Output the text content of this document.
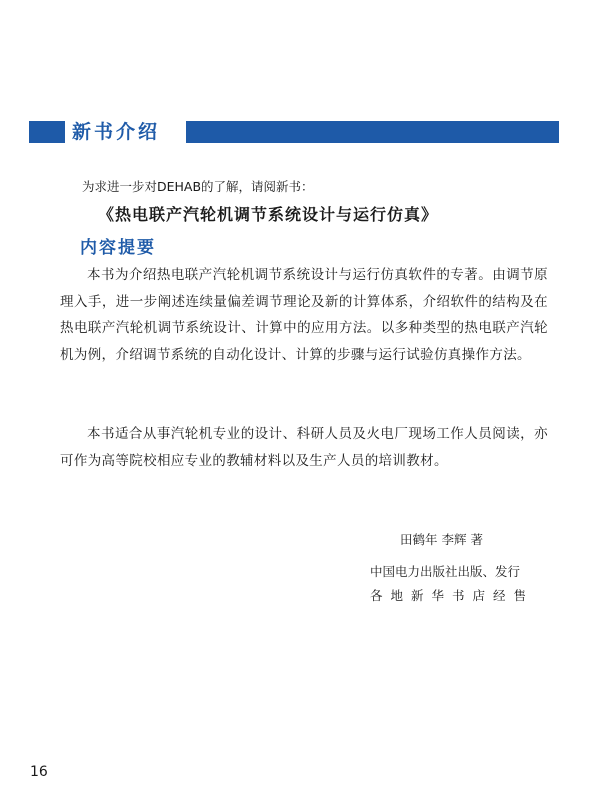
新书介绍
为求进一步对DEHAB的了解，请阅新书：
《热电联产汽轮机调节系统设计与运行仿真》
内容提要

本书为介绍热电联产汽轮机调节系统设计与运行仿真软件的专著。由调节原理入手，进一步阐述连续量偏差调节理论及新的计算体系，介绍软件的结构及在热电联产汽轮机调节系统设计、计算中的应用方法。以多种类型的热电联产汽轮机为例，介绍调节系统的自动化设计、计算的步骤与运行试验仿真操作方法。

本书适合从事汽轮机专业的设计、科研人员及火电厂现场工作人员阅读，亦可作为高等院校相应专业的教辅材料以及生产人员的培训教材。

田鹤年 李辉 著
中国电力出版社出版、发行
各地新华书店经售
16
